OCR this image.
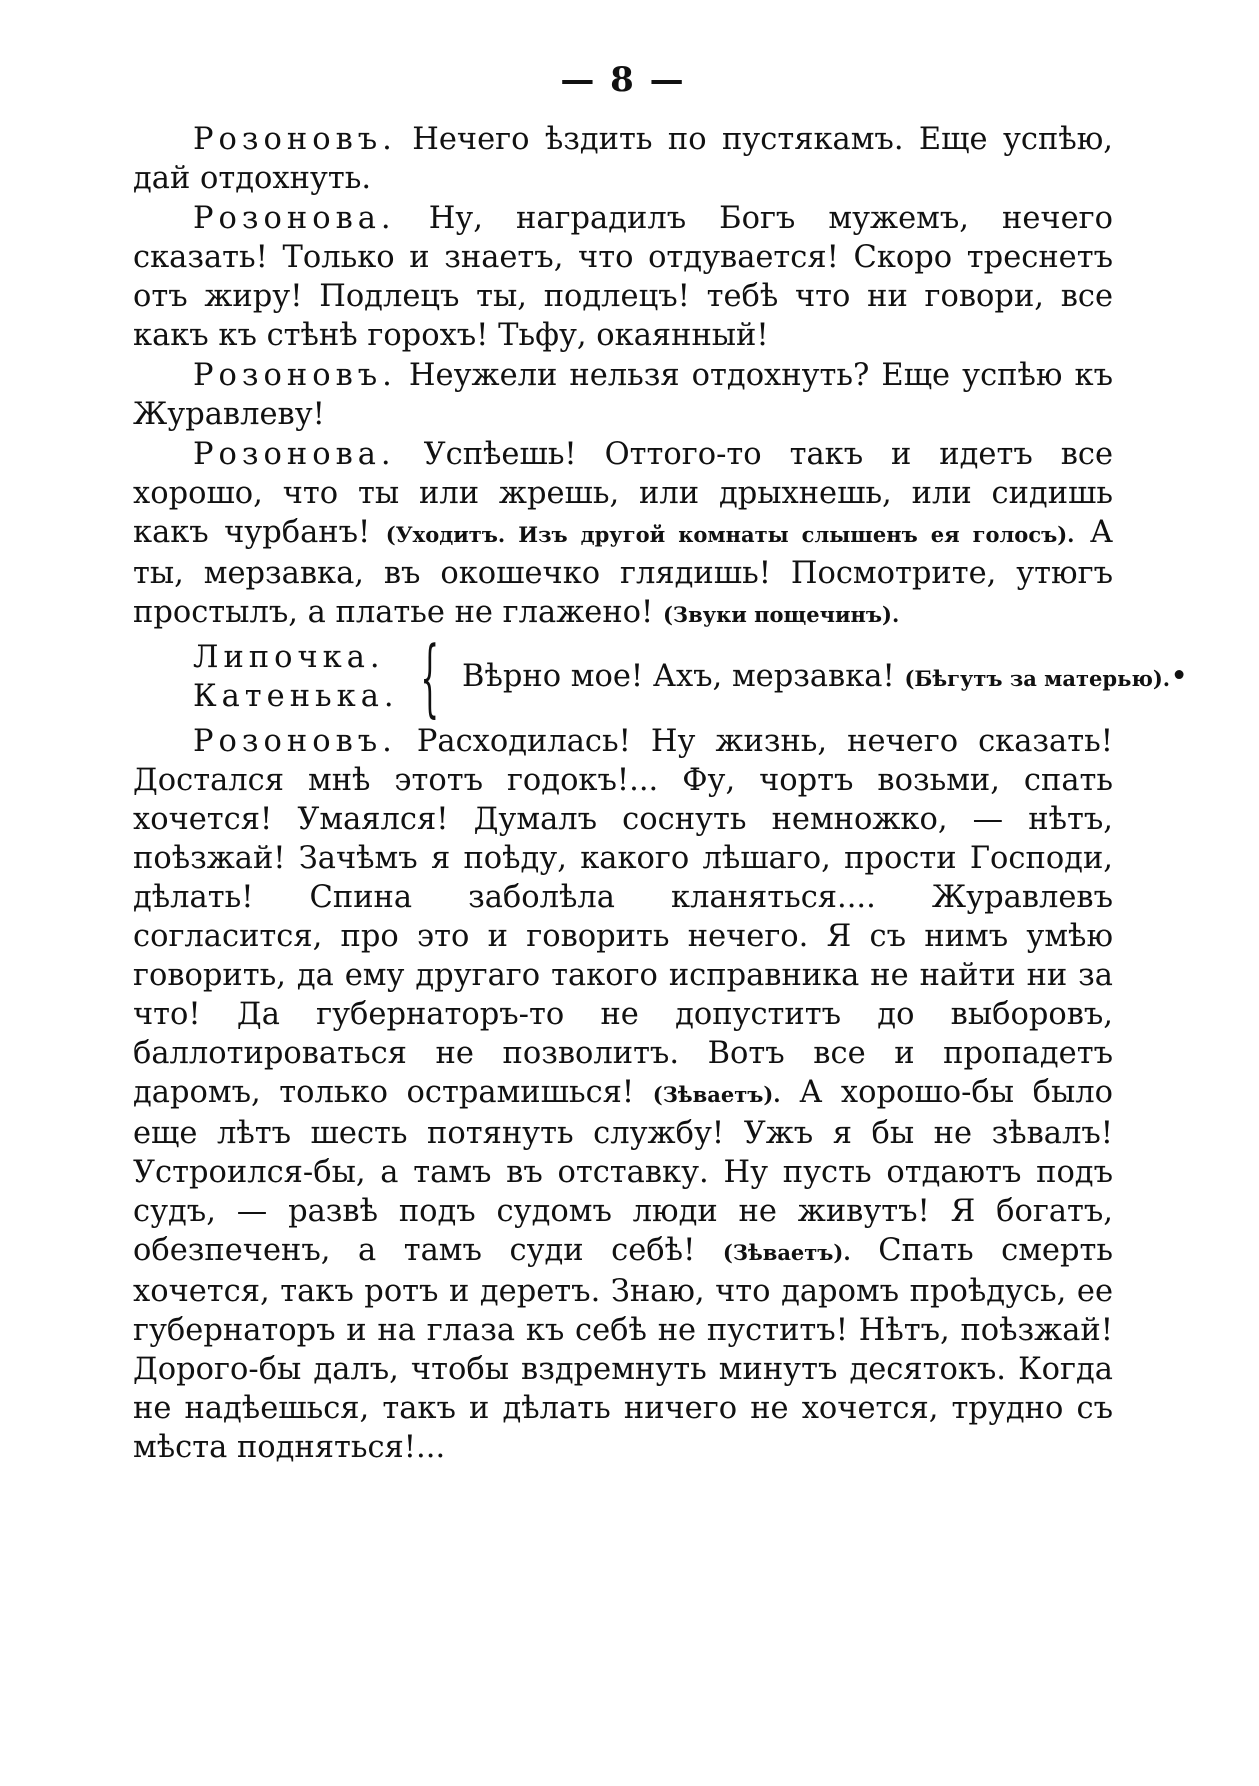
— 8 —

Розоновъ. Нечего ѣздить по пустякамъ. Еще успѣю, дай отдохнуть.

Розонова. Ну, наградилъ Богъ мужемъ, нечего сказать! Только и знаетъ, что отдувается! Скоро треснетъ отъ жиру! Подлецъ ты, подлецъ! тебѣ что ни говори, все какъ къ стѣнѣ горохъ! Тьфу, окаянный!

Розоновъ. Неужели нельзя отдохнуть? Еще успѣю къ Журавлеву!

Розонова. Успѣешь! Оттого-то такъ и идетъ все хорошо, что ты или жрешь, или дрыхнешь, или сидишь какъ чурбанъ! (Уходитъ. Изъ другой комнаты слышенъ ея голосъ). А ты, мерзавка, въ окошечко глядишь! Посмотрите, утюгъ простылъ, а платье не глажено! (Звуки пощечинъ).

Липочка.
Катенька. { Вѣрно мое! Ахъ, мерзавка! (Бѣгутъ за матерью).•

Розоновъ. Расходилась! Ну жизнь, нечего сказать! Достался мнѣ этотъ годокъ!... Фу, чортъ возьми, спать хочется! Умаялся! Думалъ соснуть немножко, — нѣтъ, поѣзжай! Зачѣмъ я поѣду, какого лѣшаго, прости Господи, дѣлать! Спина заболѣла кланяться.... Журавлевъ согласится, про это и говорить нечего. Я съ нимъ умѣю говорить, да ему другаго такого исправника не найти ни за что! Да губернаторъ-то не допуститъ до выборовъ, баллотироваться не позволитъ. Вотъ все и пропадетъ даромъ, только острамишься! (Зѣваетъ). А хорошо-бы было еще лѣтъ шесть потянуть службу! Ужъ я бы не зѣвалъ! Устроился-бы, а тамъ въ отставку. Ну пусть отдаютъ подъ судъ, — развѣ подъ судомъ люди не живутъ! Я богатъ, обезпеченъ, а тамъ суди себѣ! (Зѣваетъ). Спать смерть хочется, такъ ротъ и деретъ. Знаю, что даромъ проѣдусь, ее губернаторъ и на глаза къ себѣ не пуститъ! Нѣтъ, поѣзжай! Дорого-бы далъ, чтобы вздремнуть минутъ десятокъ. Когда не надѣешься, такъ и дѣлать ничего не хочется, трудно съ мѣста подняться!...
